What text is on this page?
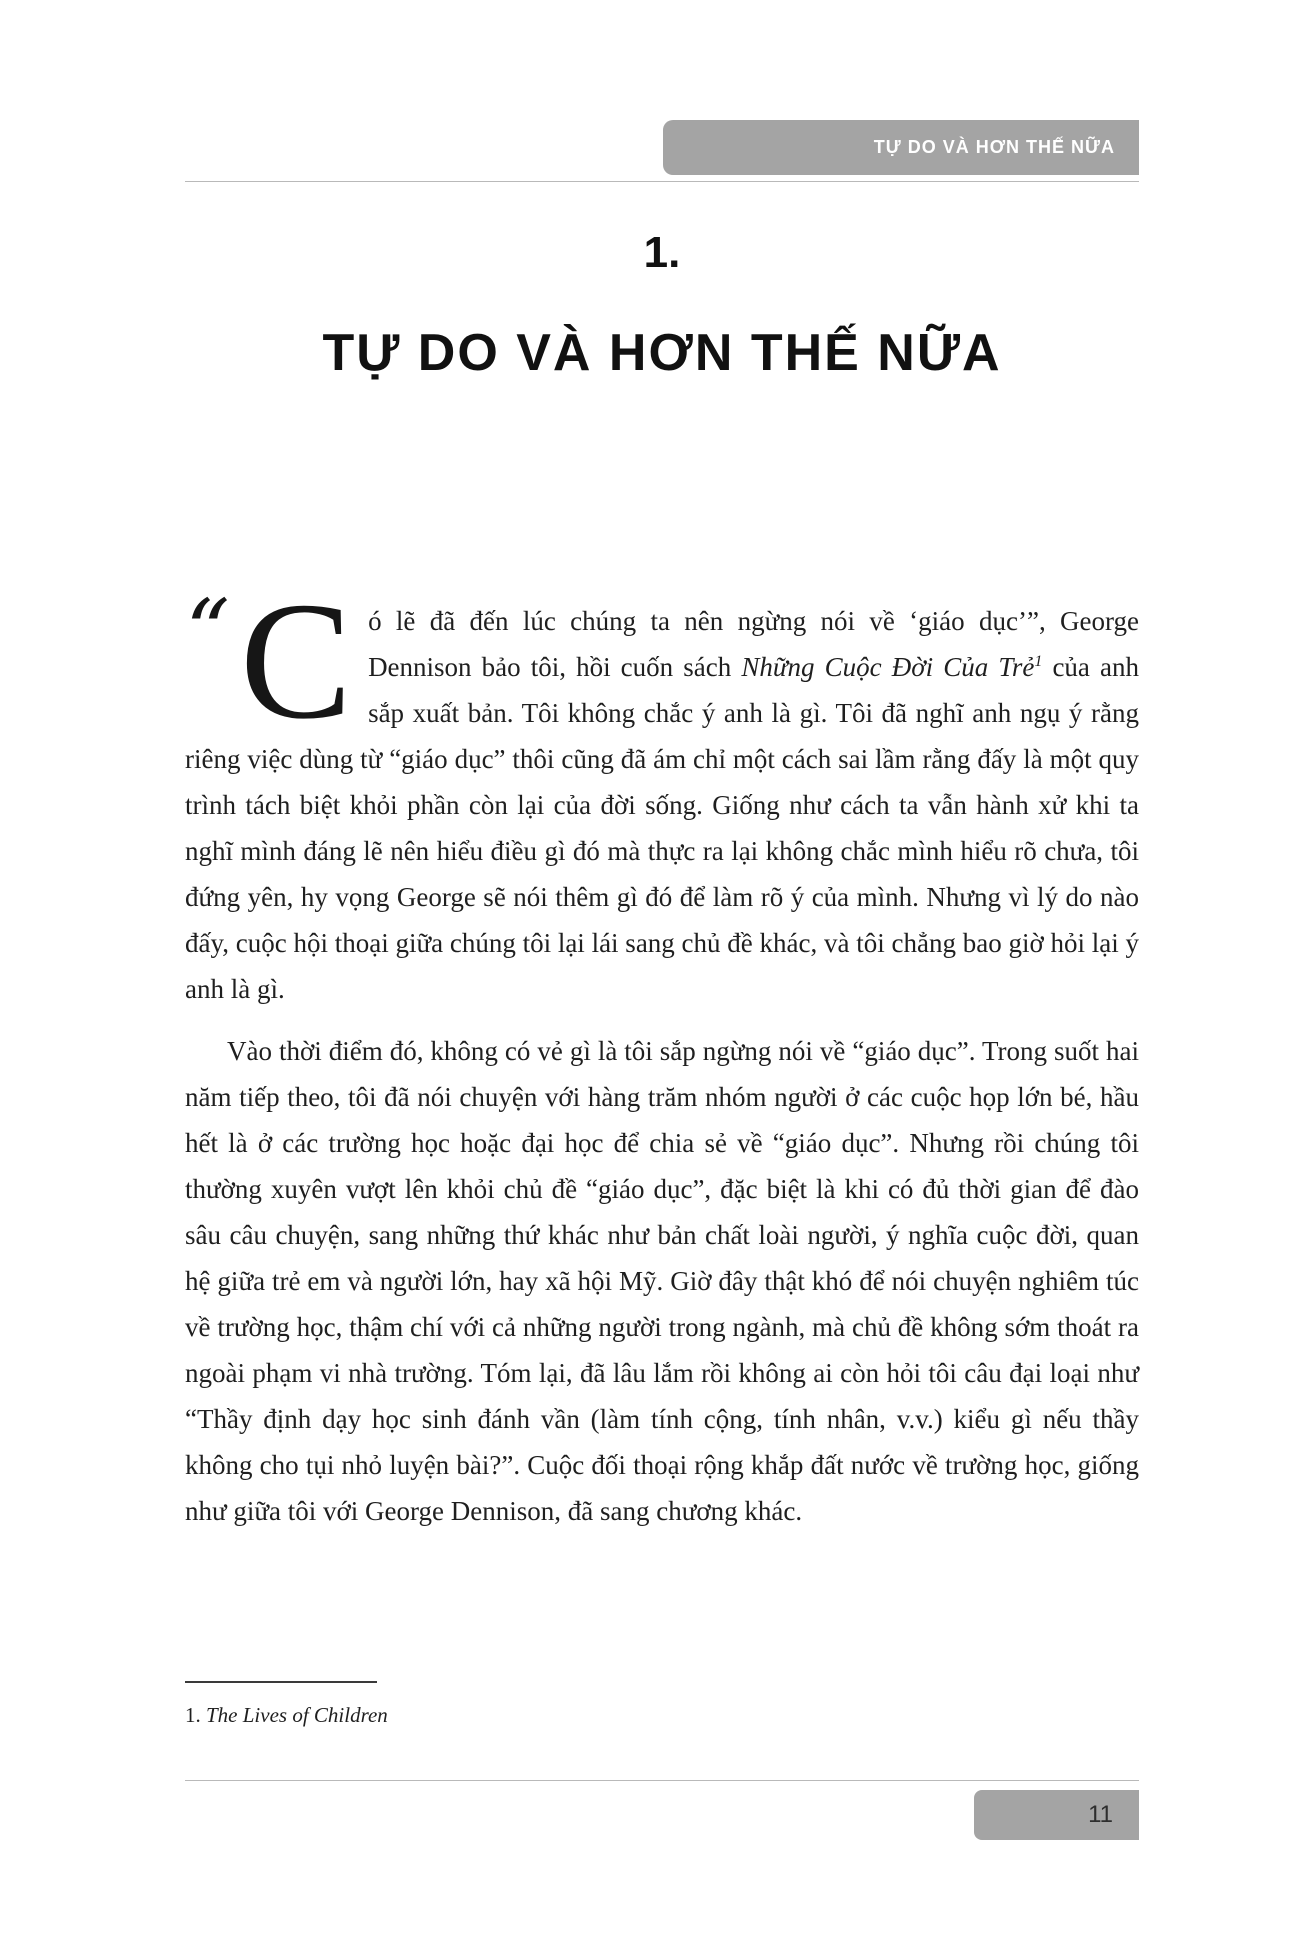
TỰ DO VÀ HƠN THẾ NỮA
1.
TỰ DO VÀ HƠN THẾ NỮA

“ C ó lẽ đã đến lúc chúng ta nên ngừng nói về ‘giáo dục’”, George Dennison bảo tôi, hồi cuốn sách Những Cuộc Đời Của Trẻ$^1$ của anh sắp xuất bản. Tôi không chắc ý anh là gì. Tôi đã nghĩ anh ngụ ý rằng riêng việc dùng từ “giáo dục” thôi cũng đã ám chỉ một cách sai lầm rằng đấy là một quy trình tách biệt khỏi phần còn lại của đời sống. Giống như cách ta vẫn hành xử khi ta nghĩ mình đáng lẽ nên hiểu điều gì đó mà thực ra lại không chắc mình hiểu rõ chưa, tôi đứng yên, hy vọng George sẽ nói thêm gì đó để làm rõ ý của mình. Nhưng vì lý do nào đấy, cuộc hội thoại giữa chúng tôi lại lái sang chủ đề khác, và tôi chẳng bao giờ hỏi lại ý anh là gì.

Vào thời điểm đó, không có vẻ gì là tôi sắp ngừng nói về “giáo dục”. Trong suốt hai năm tiếp theo, tôi đã nói chuyện với hàng trăm nhóm người ở các cuộc họp lớn bé, hầu hết là ở các trường học hoặc đại học để chia sẻ về “giáo dục”. Nhưng rồi chúng tôi thường xuyên vượt lên khỏi chủ đề “giáo dục”, đặc biệt là khi có đủ thời gian để đào sâu câu chuyện, sang những thứ khác như bản chất loài người, ý nghĩa cuộc đời, quan hệ giữa trẻ em và người lớn, hay xã hội Mỹ. Giờ đây thật khó để nói chuyện nghiêm túc về trường học, thậm chí với cả những người trong ngành, mà chủ đề không sớm thoát ra ngoài phạm vi nhà trường. Tóm lại, đã lâu lắm rồi không ai còn hỏi tôi câu đại loại như “Thầy định dạy học sinh đánh vần (làm tính cộng, tính nhân, v.v.) kiểu gì nếu thầy không cho tụi nhỏ luyện bài?”. Cuộc đối thoại rộng khắp đất nước về trường học, giống như giữa tôi với George Dennison, đã sang chương khác.

1. The Lives of Children
11
